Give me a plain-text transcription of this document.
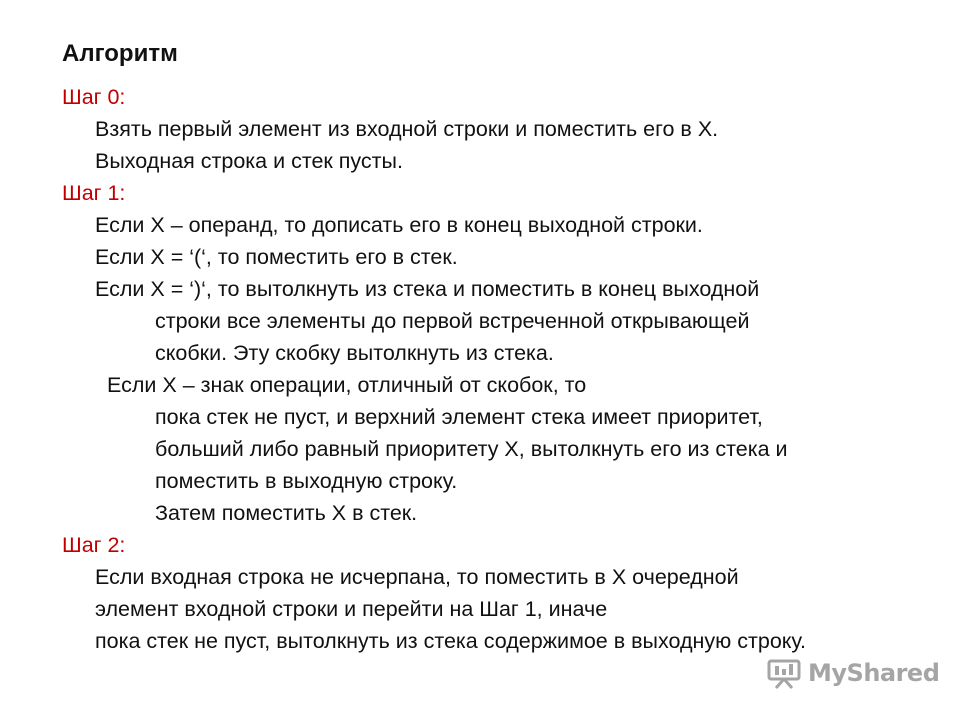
Алгоритм
Шаг 0:
Взять первый элемент из входной строки и поместить его в X.
Выходная строка и стек пусты.
Шаг 1:
Если X – операнд, то дописать его в конец выходной строки.
Если X = ‘(‘, то поместить его в стек.
Если X = ‘)‘, то вытолкнуть из стека и поместить в конец выходной
строки все элементы до первой встреченной открывающей
скобки. Эту скобку вытолкнуть из стека.
Если X – знак операции, отличный от скобок, то
пока стек не пуст, и верхний элемент стека имеет приоритет,
больший либо равный приоритету X, вытолкнуть его из стека и
поместить в выходную строку.
Затем поместить X в стек.
Шаг 2:
Если входная строка не исчерпана, то поместить в X очередной
элемент входной строки и перейти на Шаг 1, иначе
пока стек не пуст, вытолкнуть из стека содержимое в выходную строку.
MyShared
